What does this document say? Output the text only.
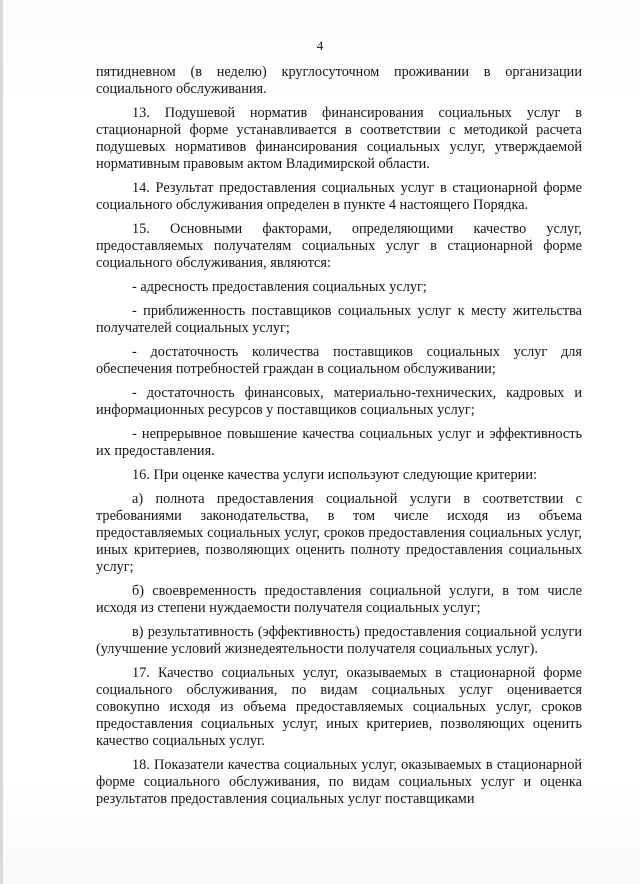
4

пятидневном (в неделю) круглосуточном проживании в организации социального обслуживания.

13. Подушевой норматив финансирования социальных услуг в стационарной форме устанавливается в соответствии с методикой расчета подушевых нормативов финансирования социальных услуг, утверждаемой нормативным правовым актом Владимирской области.

14. Результат предоставления социальных услуг в стационарной форме социального обслуживания определен в пункте 4 настоящего Порядка.

15. Основными факторами, определяющими качество услуг, предоставляемых получателям социальных услуг в стационарной форме социального обслуживания, являются:

- адресность предоставления социальных услуг;

- приближенность поставщиков социальных услуг к месту жительства получателей социальных услуг;

- достаточность количества поставщиков социальных услуг для обеспечения потребностей граждан в социальном обслуживании;

- достаточность финансовых, материально-технических, кадровых и информационных ресурсов у поставщиков социальных услуг;

- непрерывное повышение качества социальных услуг и эффективность их предоставления.

16. При оценке качества услуги используют следующие критерии:

а) полнота предоставления социальной услуги в соответствии с требованиями законодательства, в том числе исходя из объема предоставляемых социальных услуг, сроков предоставления социальных услуг, иных критериев, позволяющих оценить полноту предоставления социальных услуг;

б) своевременность предоставления социальной услуги, в том числе исходя из степени нуждаемости получателя социальных услуг;

в) результативность (эффективность) предоставления социальной услуги (улучшение условий жизнедеятельности получателя социальных услуг).

17. Качество социальных услуг, оказываемых в стационарной форме социального обслуживания, по видам социальных услуг оценивается совокупно исходя из объема предоставляемых социальных услуг, сроков предоставления социальных услуг, иных критериев, позволяющих оценить качество социальных услуг.

18. Показатели качества социальных услуг, оказываемых в стационарной форме социального обслуживания, по видам социальных услуг и оценка результатов предоставления социальных услуг поставщиками
